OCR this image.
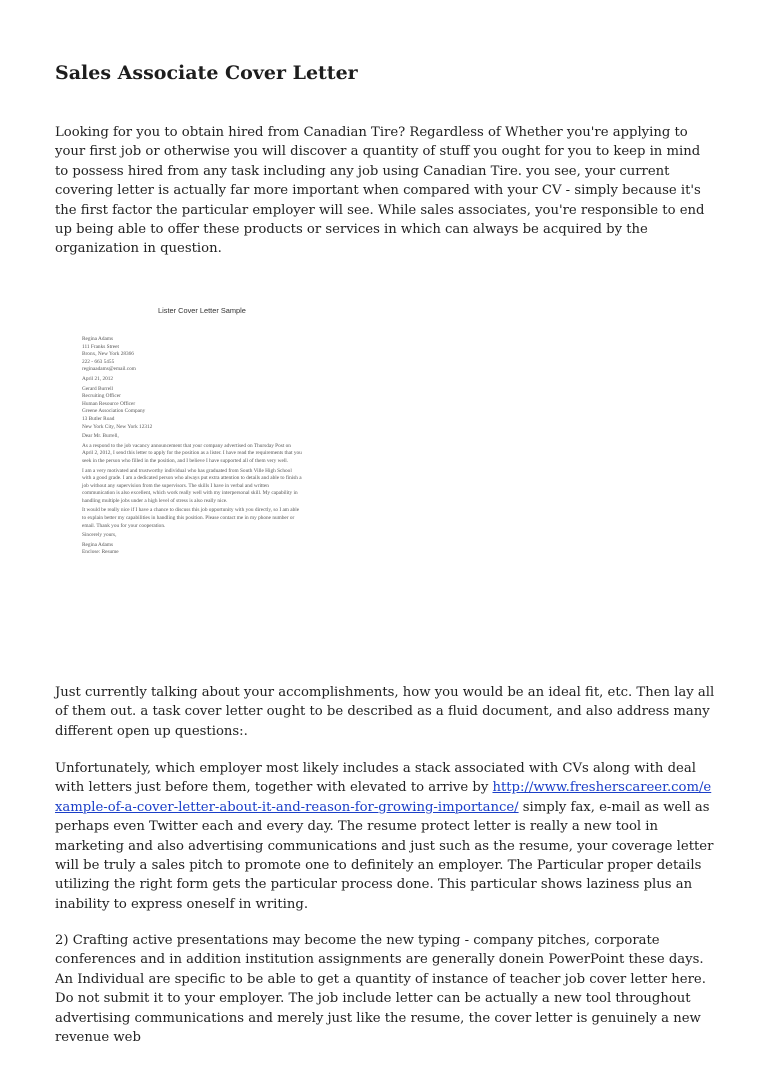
Sales Associate Cover Letter

Looking for you to obtain hired from Canadian Tire? Regardless of Whether you're applying to your first job or otherwise you will discover a quantity of stuff you ought for you to keep in mind to possess hired from any task including any job using Canadian Tire. you see, your current covering letter is actually far more important when compared with your CV - simply because it's the first factor the particular employer will see. While sales associates, you're responsible to end up being able to offer these products or services in which can always be acquired by the organization in question.

Lister Cover Letter Sample
Regina Adams
111 Franks Street
Bronx, New York 28366
222 - 663 5455
reginaadams@email.com
April 21, 2012
Gerard Burrell
Recruiting Officer
Human Resource Officer
Greene Association Company
13 Butler Road
New York City, New York 12312
Dear Mr. Burrell,
As a respond to the job vacancy announcement that your company advertised on Thursday Post on
April 2, 2012, I send this letter to apply for the position as a lister. I have read the requirements that you
seek in the person who filled in the position, and I believe I have supported all of them very well.
I am a very motivated and trustworthy individual who has graduated from South Ville High School
with a good grade. I am a dedicated person who always put extra attention to details and able to finish a
job without any supervision from the supervisors. The skills I have in verbal and written
communication is also excellent, which work really well with my interpersonal skill. My capability in
handling multiple jobs under a high level of stress is also really nice.
It would be really nice if I have a chance to discuss this job opportunity with you directly, so I am able
to explain better my capabilities in handling this position. Please contact me in my phone number or
email. Thank you for your cooperation.
Sincerely yours,
Regina Adams
Enclose: Resume

Just currently talking about your accomplishments, how you would be an ideal fit, etc. Then lay all of them out. a task cover letter ought to be described as a fluid document, and also address many different open up questions:.

Unfortunately, which employer most likely includes a stack associated with CVs along with deal with letters just before them, together with elevated to arrive by http://www.fresherscareer.com/example-of-a-cover-letter-about-it-and-reason-for-growing-importance/ simply fax, e-mail as well as perhaps even Twitter each and every day. The resume protect letter is really a new tool in marketing and also advertising communications and just such as the resume, your coverage letter will be truly a sales pitch to promote one to definitely an employer. The Particular proper details utilizing the right form gets the particular process done. This particular shows laziness plus an inability to express oneself in writing.

2) Crafting active presentations may become the new typing - company pitches, corporate conferences and in addition institution assignments are generally donein PowerPoint these days. An Individual are specific to be able to get a quantity of instance of teacher job cover letter here. Do not submit it to your employer. The job include letter can be actually a new tool throughout advertising communications and merely just like the resume, the cover letter is genuinely a new revenue web
